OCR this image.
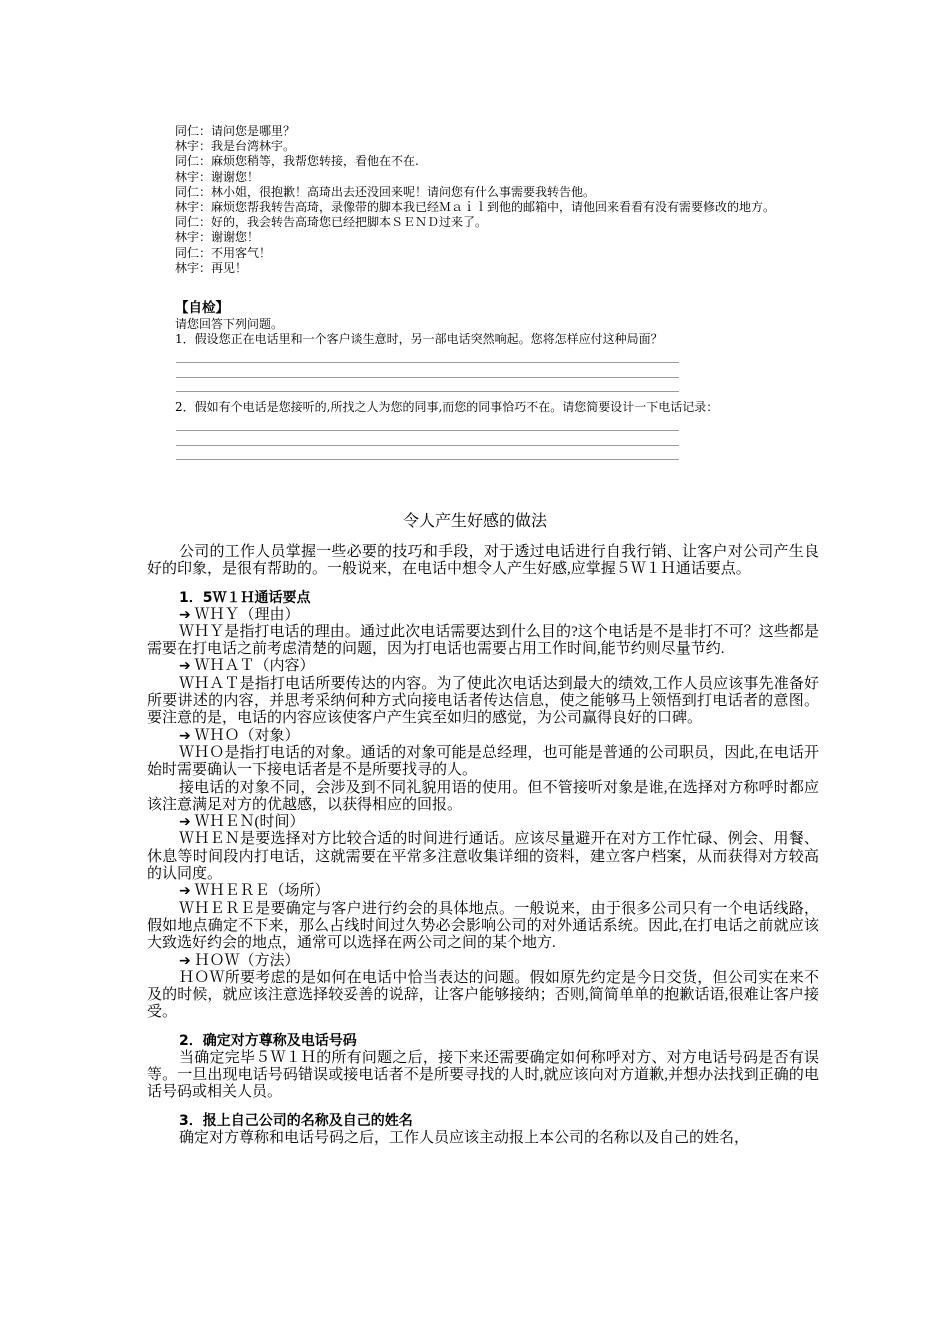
同仁：请问您是哪里？
林宇：我是台湾林宇。
同仁：麻烦您稍等，我帮您转接，看他在不在.
林宇：谢谢您！
同仁：林小姐，很抱歉！高琦出去还没回来呢！请问您有什么事需要我转告他。
林宇：麻烦您帮我转告高琦，录像带的脚本我已经Ｍａｉｌ到他的邮箱中，请他回来看看有没有需要修改的地方。
同仁：好的，我会转告高琦您已经把脚本ＳＥＮＤ过来了。
林宇：谢谢您！
同仁：不用客气！
林宇：再见！
【自检】
请您回答下列问题。
1．假设您正在电话里和一个客户谈生意时，另一部电话突然响起。您将怎样应付这种局面？
2．假如有个电话是您接听的,所找之人为您的同事,而您的同事恰巧不在。请您简要设计一下电话记录：
令人产生好感的做法
公司的工作人员掌握一些必要的技巧和手段，对于透过电话进行自我行销、让客户对公司产生良好的印象，是很有帮助的。一般说来，在电话中想令人产生好感,应掌握５Ｗ１Ｈ通话要点。
1．5Ｗ１Ｈ通话要点
➔ ＷＨＹ（理由）
ＷＨＹ是指打电话的理由。通过此次电话需要达到什么目的?这个电话是不是非打不可？这些都是需要在打电话之前考虑清楚的问题，因为打电话也需要占用工作时间,能节约则尽量节约.
➔ ＷＨＡＴ（内容）
ＷＨＡＴ是指打电话所要传达的内容。为了使此次电话达到最大的绩效,工作人员应该事先准备好所要讲述的内容，并思考采纳何种方式向接电话者传达信息，使之能够马上领悟到打电话者的意图。要注意的是，电话的内容应该使客户产生宾至如归的感觉，为公司赢得良好的口碑。
➔ ＷＨＯ（对象）
ＷＨＯ是指打电话的对象。通话的对象可能是总经理，也可能是普通的公司职员，因此,在电话开始时需要确认一下接电话者是不是所要找寻的人。
接电话的对象不同，会涉及到不同礼貌用语的使用。但不管接听对象是谁,在选择对方称呼时都应该注意满足对方的优越感，以获得相应的回报。
➔ ＷＨＥＮ(时间）
ＷＨＥＮ是要选择对方比较合适的时间进行通话。应该尽量避开在对方工作忙碌、例会、用餐、休息等时间段内打电话，这就需要在平常多注意收集详细的资料，建立客户档案，从而获得对方较高的认同度。
➔ ＷＨＥＲＥ（场所）
ＷＨＥＲＥ是要确定与客户进行约会的具体地点。一般说来，由于很多公司只有一个电话线路，假如地点确定不下来，那么占线时间过久势必会影响公司的对外通话系统。因此,在打电话之前就应该大致选好约会的地点，通常可以选择在两公司之间的某个地方.
➔ ＨＯＷ（方法）
ＨＯＷ所要考虑的是如何在电话中恰当表达的问题。假如原先约定是今日交货，但公司实在来不及的时候，就应该注意选择较妥善的说辞，让客户能够接纳；否则,简简单单的抱歉话语,很难让客户接受。
2．确定对方尊称及电话号码
当确定完毕５Ｗ１Ｈ的所有问题之后，接下来还需要确定如何称呼对方、对方电话号码是否有误等。一旦出现电话号码错误或接电话者不是所要寻找的人时,就应该向对方道歉,并想办法找到正确的电话号码或相关人员。
3．报上自己公司的名称及自己的姓名
确定对方尊称和电话号码之后，工作人员应该主动报上本公司的名称以及自己的姓名，
